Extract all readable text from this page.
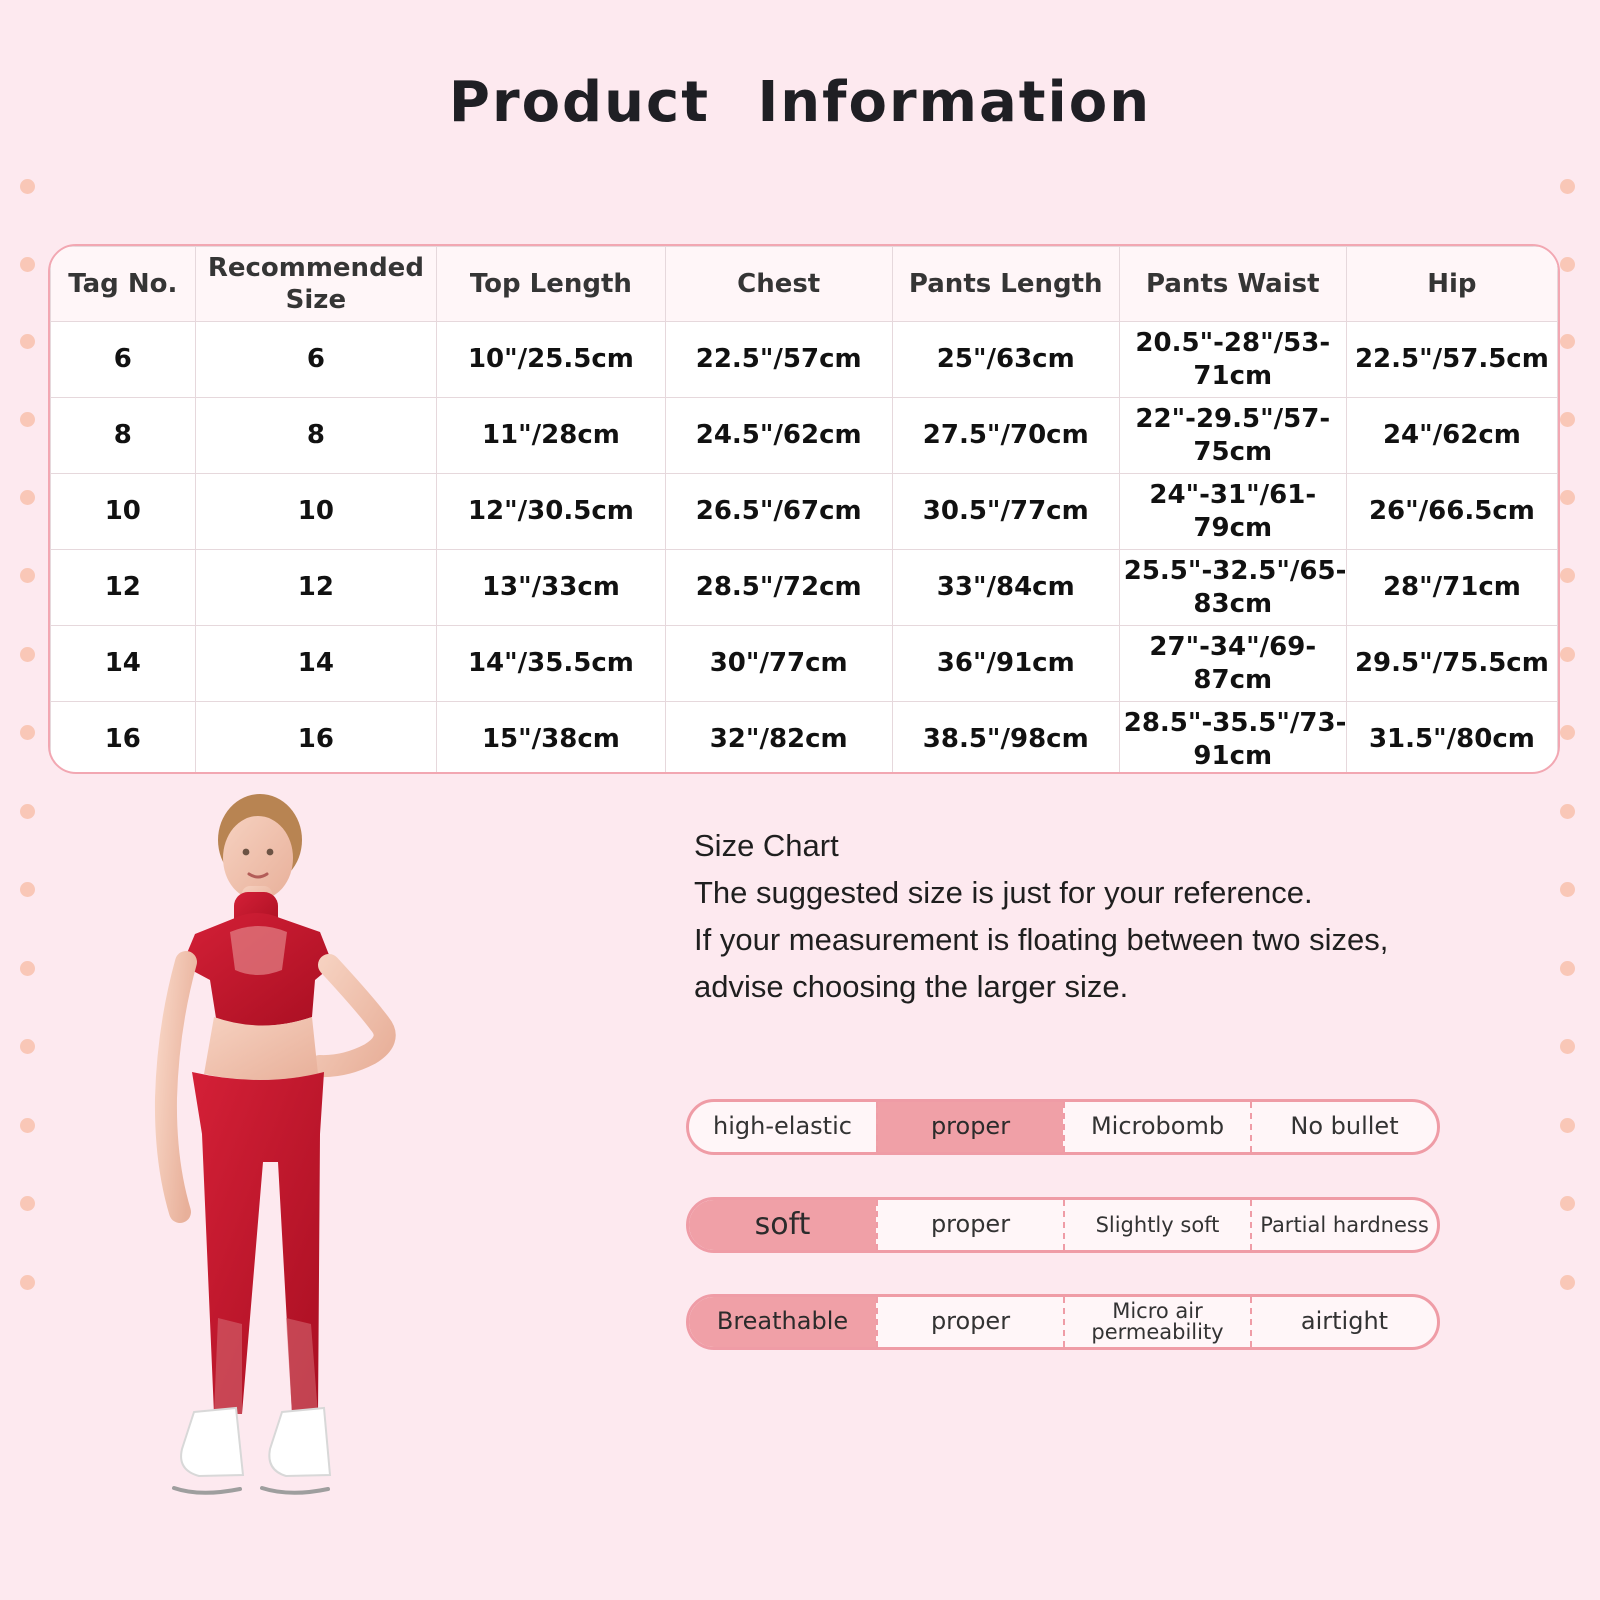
Product Information
Tag No.	Recommended Size	Top Length	Chest	Pants Length	Pants Waist	Hip
6	6	10"/25.5cm	22.5"/57cm	25"/63cm	20.5"-28"/53-71cm	22.5"/57.5cm
8	8	11"/28cm	24.5"/62cm	27.5"/70cm	22"-29.5"/57-75cm	24"/62cm
10	10	12"/30.5cm	26.5"/67cm	30.5"/77cm	24"-31"/61-79cm	26"/66.5cm
12	12	13"/33cm	28.5"/72cm	33"/84cm	25.5"-32.5"/65-83cm	28"/71cm
14	14	14"/35.5cm	30"/77cm	36"/91cm	27"-34"/69-87cm	29.5"/75.5cm
16	16	15"/38cm	32"/82cm	38.5"/98cm	28.5"-35.5"/73-91cm	31.5"/80cm
Size Chart
The suggested size is just for your reference.
If your measurement is floating between two sizes,
advise choosing the larger size.
high-elastic	proper	Microbomb	No bullet
soft	proper	Slightly soft	Partial hardness
Breathable	proper	Micro air permeability	airtight
